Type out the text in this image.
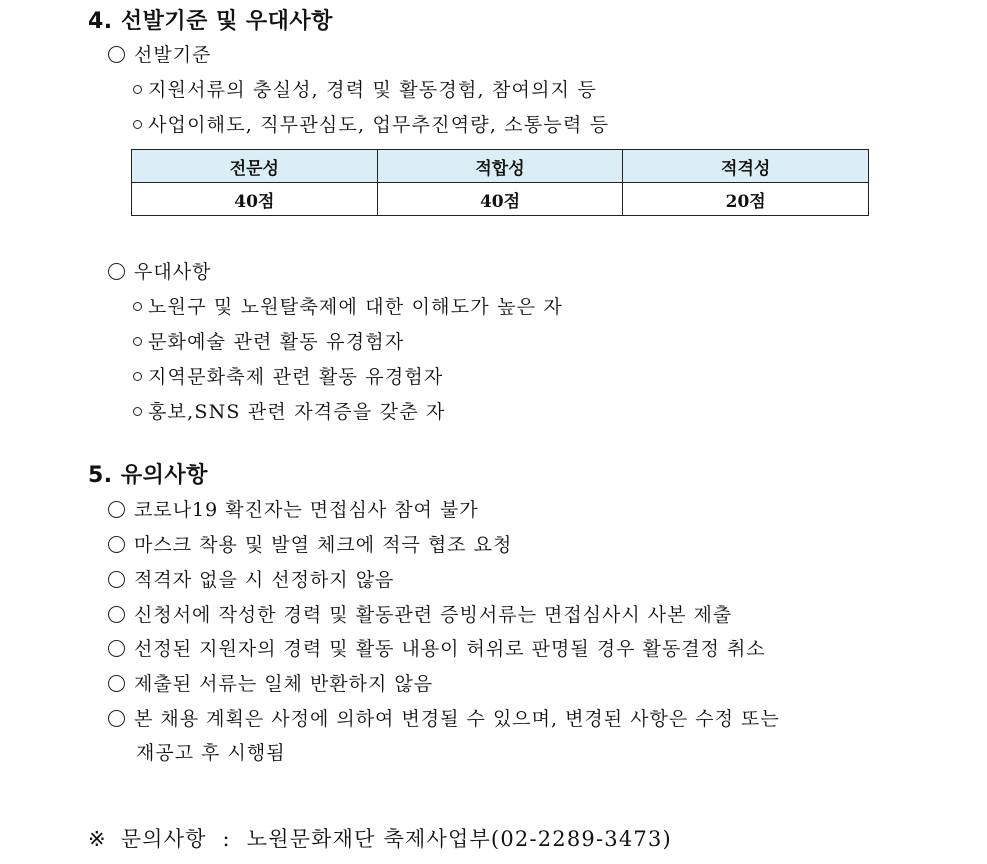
4. 선발기준 및 우대사항
선발기준
지원서류의 충실성, 경력 및 활동경험, 참여의지 등
사업이해도, 직무관심도, 업무추진역량, 소통능력 등
전문성	적합성	적격성
40점	40점	20점
우대사항
노원구 및 노원탈축제에 대한 이해도가 높은 자
문화예술 관련 활동 유경험자
지역문화축제 관련 활동 유경험자
홍보,SNS 관련 자격증을 갖춘 자
5. 유의사항
코로나19 확진자는 면접심사 참여 불가
마스크 착용 및 발열 체크에 적극 협조 요청
적격자 없을 시 선정하지 않음
신청서에 작성한 경력 및 활동관련 증빙서류는 면접심사시 사본 제출
선정된 지원자의 경력 및 활동 내용이 허위로 판명될 경우 활동결정 취소
제출된 서류는 일체 반환하지 않음
본 채용 계획은 사정에 의하여 변경될 수 있으며, 변경된 사항은 수정 또는
재공고 후 시행됨
※ 문의사항 : 노원문화재단 축제사업부(02-2289-3473)
